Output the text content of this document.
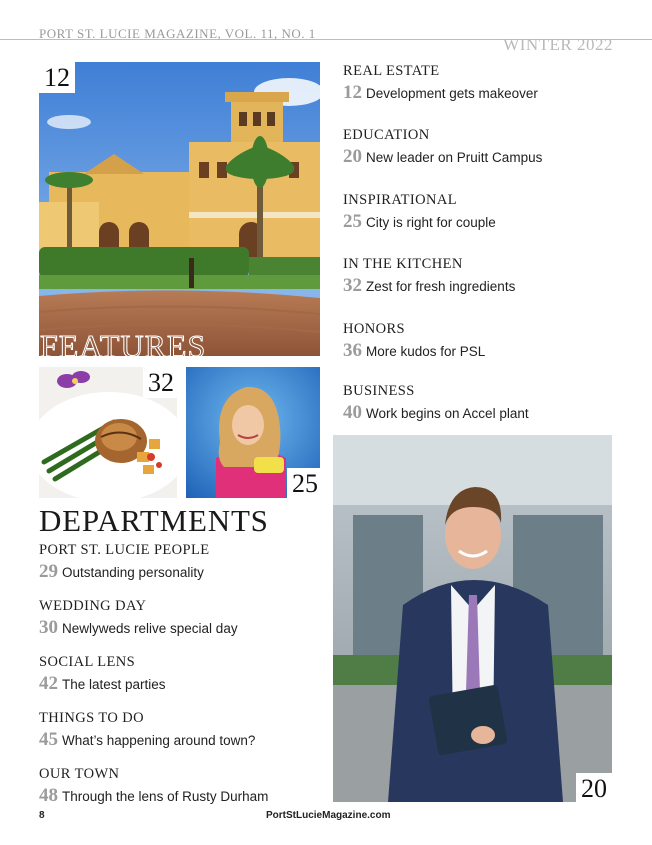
PORT ST. LUCIE MAGAZINE, VOL. 11, NO. 1
WINTER 2022
12
FEATURES
32
25
20
REAL ESTATE
12 Development gets makeover
EDUCATION
20 New leader on Pruitt Campus
INSPIRATIONAL
25 City is right for couple
IN THE KITCHEN
32 Zest for fresh ingredients
HONORS
36 More kudos for PSL
BUSINESS
40 Work begins on Accel plant
DEPARTMENTS
PORT ST. LUCIE PEOPLE
29 Outstanding personality
WEDDING DAY
30 Newlyweds relive special day
SOCIAL LENS
42 The latest parties
THINGS TO DO
45 What’s happening around town?
OUR TOWN
48 Through the lens of Rusty Durham
8	PortStLucieMagazine.com
